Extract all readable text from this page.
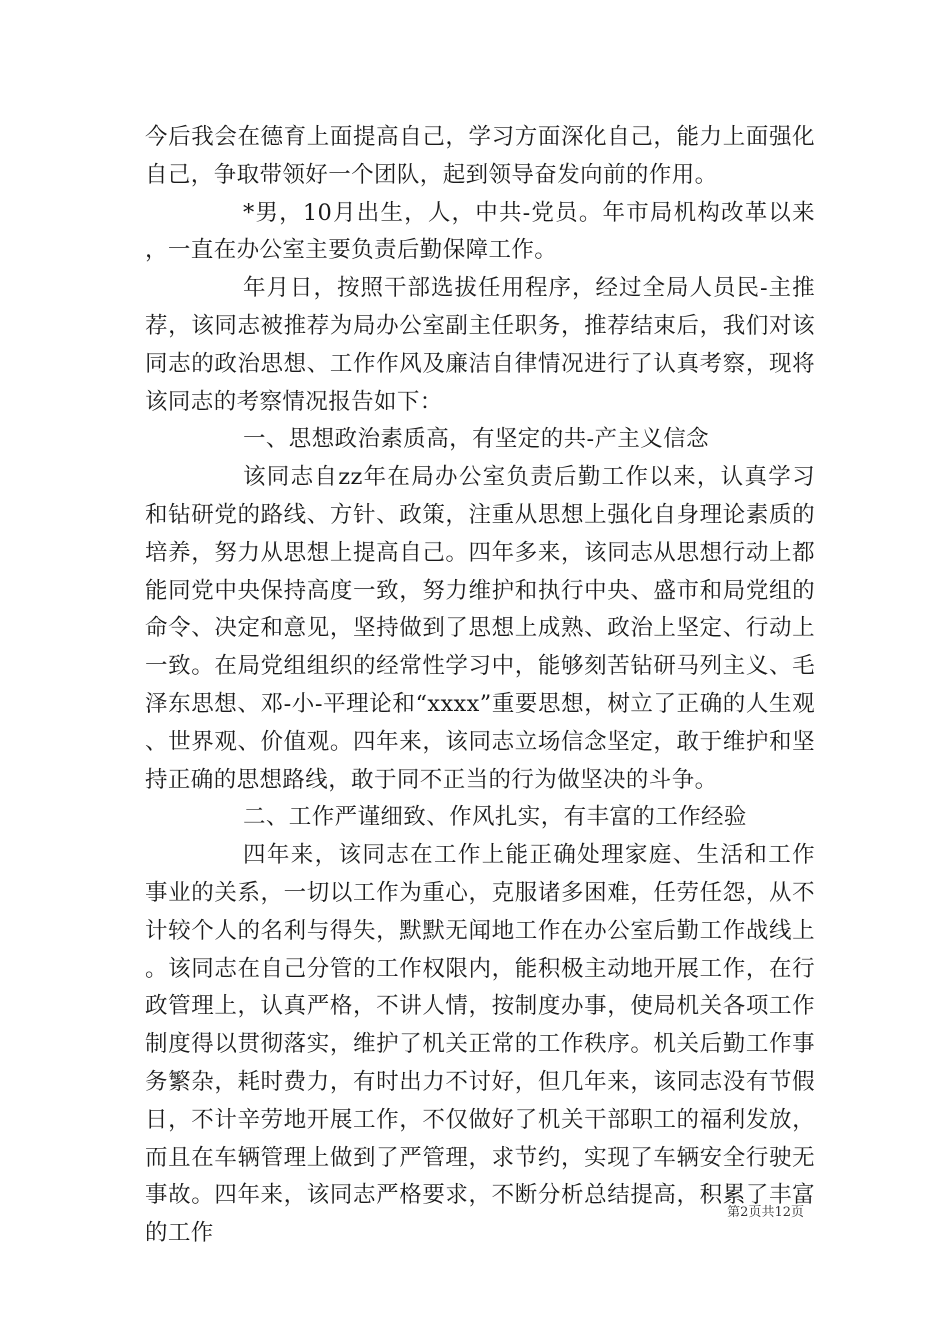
今后我会在德育上面提高自己，学习方面深化自己，能力上面强化自己，争取带领好一个团队，起到领导奋发向前的作用。

*男，10月出生，人，中共-党员。年市局机构改革以来，一直在办公室主要负责后勤保障工作。

年月日，按照干部选拔任用程序，经过全局人员民-主推荐，该同志被推荐为局办公室副主任职务，推荐结束后，我们对该同志的政治思想、工作作风及廉洁自律情况进行了认真考察，现将该同志的考察情况报告如下：

一、思想政治素质高，有坚定的共-产主义信念

该同志自zz年在局办公室负责后勤工作以来，认真学习和钻研党的路线、方针、政策，注重从思想上强化自身理论素质的培养，努力从思想上提高自己。四年多来，该同志从思想行动上都能同党中央保持高度一致，努力维护和执行中央、盛市和局党组的命令、决定和意见，坚持做到了思想上成熟、政治上坚定、行动上一致。在局党组组织的经常性学习中，能够刻苦钻研马列主义、毛泽东思想、邓-小-平理论和“xxxx”重要思想，树立了正确的人生观、世界观、价值观。四年来，该同志立场信念坚定，敢于维护和坚持正确的思想路线，敢于同不正当的行为做坚决的斗争。

二、工作严谨细致、作风扎实，有丰富的工作经验

四年来，该同志在工作上能正确处理家庭、生活和工作事业的关系，一切以工作为重心，克服诸多困难，任劳任怨，从不计较个人的名利与得失，默默无闻地工作在办公室后勤工作战线上。该同志在自己分管的工作权限内，能积极主动地开展工作，在行政管理上，认真严格，不讲人情，按制度办事，使局机关各项工作制度得以贯彻落实，维护了机关正常的工作秩序。机关后勤工作事务繁杂，耗时费力，有时出力不讨好，但几年来，该同志没有节假日，不计辛劳地开展工作，不仅做好了机关干部职工的福利发放，而且在车辆管理上做到了严管理，求节约，实现了车辆安全行驶无事故。四年来，该同志严格要求，不断分析总结提高，积累了丰富的工作

第2页共12页
